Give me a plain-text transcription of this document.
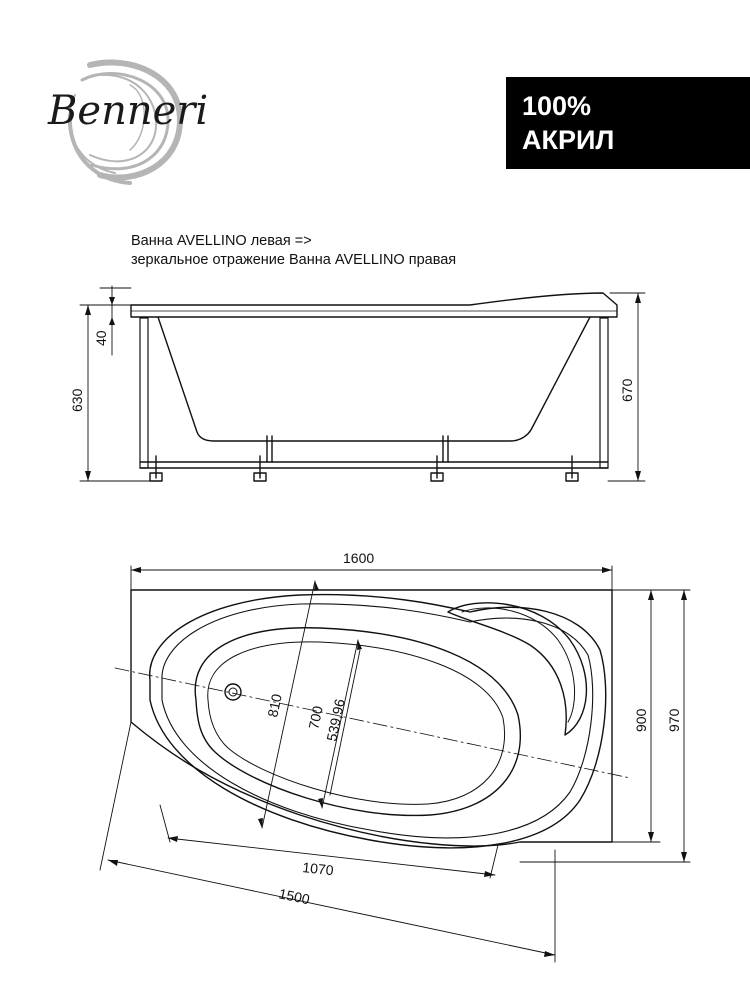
Benneri	100%
АКРИЛ
Ванна AVELLINO левая =>
зеркальное отражение Ванна AVELLINO правая
40
630	670
1600
970
900
810 700
539,96
1070
1500
